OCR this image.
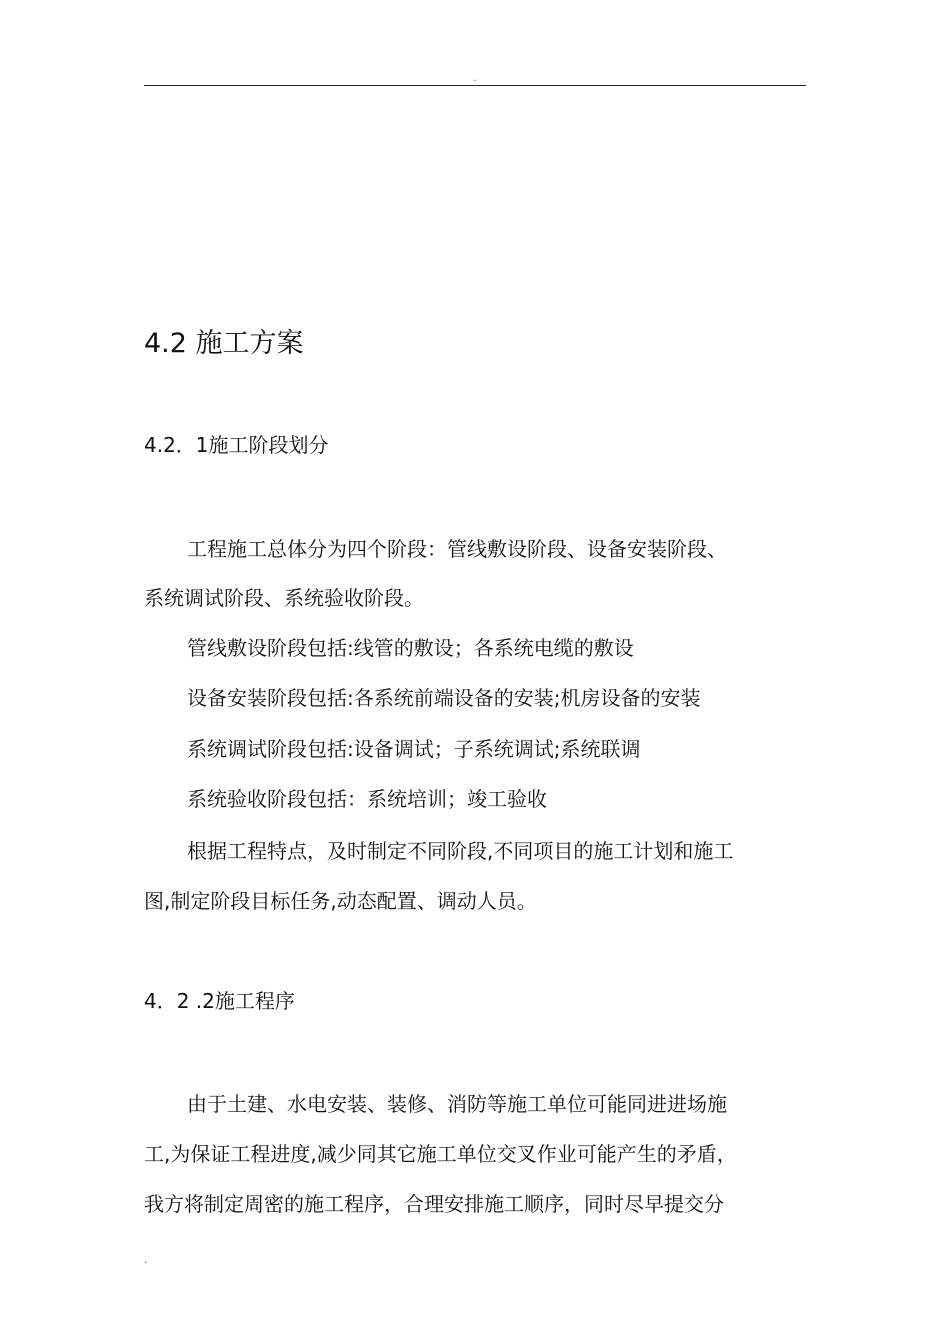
.
4.2 施工方案
4.2．1施工阶段划分

工程施工总体分为四个阶段：管线敷设阶段、设备安装阶段、

系统调试阶段、系统验收阶段。

管线敷设阶段包括:线管的敷设；各系统电缆的敷设

设备安装阶段包括:各系统前端设备的安装;机房设备的安装

系统调试阶段包括:设备调试；子系统调试;系统联调

系统验收阶段包括：系统培训；竣工验收

根据工程特点，及时制定不同阶段,不同项目的施工计划和施工

图,制定阶段目标任务,动态配置、调动人员。

4．2 .2施工程序

由于土建、水电安装、装修、消防等施工单位可能同进进场施

工,为保证工程进度,减少同其它施工单位交叉作业可能产生的矛盾，

我方将制定周密的施工程序，合理安排施工顺序，同时尽早提交分

.
